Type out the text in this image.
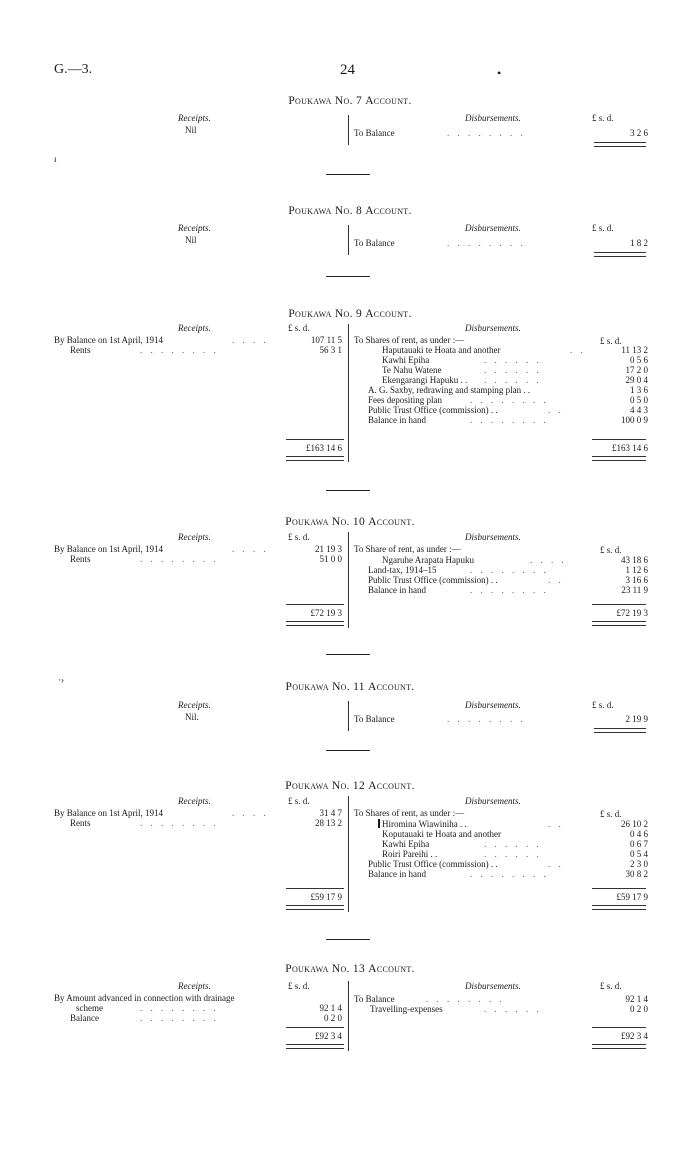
G.—3.	24	•
ı
·›
Poukawa No. 7 Account.
Receipts.
Nil
Disbursements.	£ s. d.
To Balance	. . . . . . . .	3 2 6
Poukawa No. 8 Account.
Receipts.
Nil
Disbursements.	£ s. d.
To Balance	. . . . . . . .	1 8 2
Poukawa No. 9 Account.
Receipts.	£ s. d.
By Balance on 1st April, 1914	. . . .	107 11 5
Rents	. . . . . . . .	56 3 1
£163 14 6
Disbursements.
£ s. d.
To Shares of rent, as under :—
Haputauaki te Hoata and another	. .	11 13 2
Kawhi Epiha	. . . . . .	0 5 6
Te Nahu Watene	. . . . . .	17 2 0
Ekengarangi Hapuku . . . . . . . .	29 0 4
A. G. Saxby, redrawing and stamping plan . .	1 3 6
Fees depositing plan	. . . . . . . .	0 5 0
Public Trust Office (commission) . .	. .	4 4 3
Balance in hand	. . . . . . . .	100 0 9
£163 14 6
Poukawa No. 10 Account.
Receipts.	£ s. d.
By Balance on 1st April, 1914	. . . .	21 19 3
Rents	. . . . . . . .	51 0 0
£72 19 3
Disbursements.
£ s. d.
To Share of rent, as under :—
Ngaruhe Arapata Hapuku	. . . .	43 18 6
Land-tax, 1914–15	. . . . . . . .	1 12 6
Public Trust Office (commission) . .	. .	3 16 6
Balance in hand	. . . . . . . .	23 11 9
£72 19 3
Poukawa No. 11 Account.
Receipts.
Nil.
Disbursements.	£ s. d.
To Balance	. . . . . . . .	2 19 9
Poukawa No. 12 Account.
Receipts.	£ s. d.
By Balance on 1st April, 1914	. . . .	31 4 7
Rents	. . . . . . . .	28 13 2
£59 17 9
Disbursements.
£ s. d.
To Shares of rent, as under :—
Hiromina Wiawiniha . .	. .	26 10 2
Koputauaki te Hoata and another	0 4 6
Kawhi Epiha	. . . . . .	0 6 7
Roiri Pareihi . .	. . . . . .	0 5 4
Public Trust Office (commission) . .	. .	2 3 0
Balance in hand	. . . . . . . .	30 8 2
£59 17 9
Poukawa No. 13 Account.
Receipts.	£ s. d.
By Amount advanced in connection with drainage
scheme	. . . . . . . .	92 1 4
Balance	. . . . . . . .	0 2 0
£92 3 4
Disbursements.	£ s. d.
To Balance	. . . . . . . .	92 1 4
Travelling-expenses	. . . . . .	0 2 0
£92 3 4
